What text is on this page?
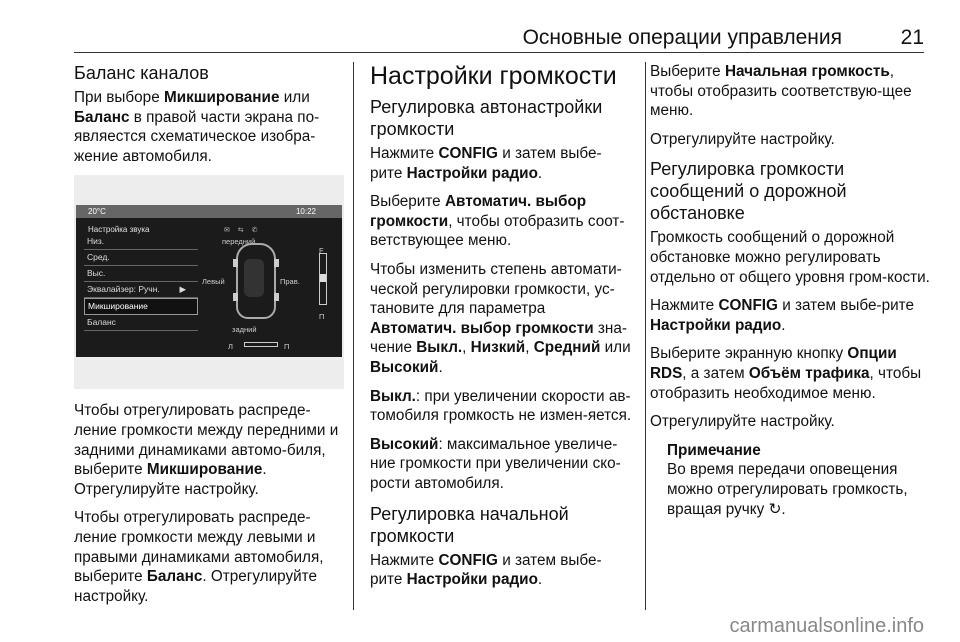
Основные операции управления	21
Баланс каналов

При выборе Микширование или Баланс в правой части экрана по-являестся схематическое изобра-жение автомобиля.

20°C	10:22
Настройка звука	✉ ⇆ ✆
Низ.
Сред.
Выс.
Эквалайзер: Ручн. ▶
Микширование
Баланс
передний
Левый	Прав.
задний
F
П
Л	П

Чтобы отрегулировать распреде-ление громкости между передними и задними динамиками автомо-биля, выберите Микширование. Отрегулируйте настройку.

Чтобы отрегулировать распреде-ление громкости между левыми и правыми динамиками автомобиля, выберите Баланс. Отрегулируйте настройку.

Настройки громкости
Регулировка автонастройки громкости

Нажмите CONFIG и затем выбе-рите Настройки радио.

Выберите Автоматич. выбор громкости, чтобы отобразить соот-ветствующее меню.

Чтобы изменить степень автомати-ческой регулировки громкости, ус-тановите для параметра Автоматич. выбор громкости зна-чение Выкл., Низкий, Средний или Высокий.

Выкл.: при увеличении скорости ав-томобиля громкость не измен-яется.

Высокий: максимальное увеличе-ние громкости при увеличении ско-рости автомобиля.

Регулировка начальной громкости

Нажмите CONFIG и затем выбе-рите Настройки радио.

Выберите Начальная громкость, чтобы отобразить соответствую-щее меню.

Отрегулируйте настройку.

Регулировка громкости сообщений о дорожной обстановке

Громкость сообщений о дорожной обстановке можно регулировать отдельно от общего уровня гром-кости.

Нажмите CONFIG и затем выбе-рите Настройки радио.

Выберите экранную кнопку Опции RDS, а затем Объём трафика, чтобы отобразить необходимое меню.

Отрегулируйте настройку.

Примечание
Во время передачи оповещения можно отрегулировать громкость, вращая ручку ↻.
carmanualsonline.info
